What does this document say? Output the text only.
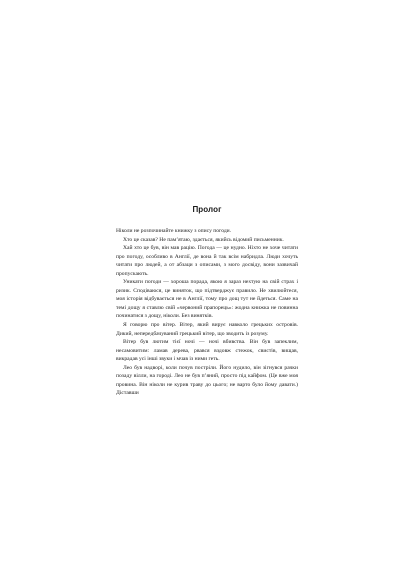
Пролог

Ніколи не розпочинайте книжку з опису погоди.

Хто це сказав? Не пам’ятаю, здається, якийсь відомий письменник.

Хай хто це був, він мав рацію. Погода — це нудно. Ніхто не хоче читати про погоду, особливо в Англії, де вона й так всім набридла. Люди хочуть читати про людей, а от абзаци з описами, з мого досвіду, вони зазвичай пропускають.

Уникати погоди — хороша порада, якою я зараз нехтую на свій страх і ризик. Сподіваюся, це виняток, що підтверджує правило. Не хвилюйтеся, моя історія відбувається не в Англії, тому про дощ тут не йдеться. Саме на темі дощу я ставлю свій «червоний прапорець»: жодна книжка не повинна починатися з дощу, ніколи. Без винятків.

Я говорю про вітер. Вітер, який вирує навколо грецьких островів. Дикий, непередбачуваний грецький вітер, що зводить із розуму.

Вітер був лютим тієї ночі — ночі вбивства. Він був запеклим, несамовитим: ламав дерева, рвався вздовж стежок, свистів, вищав, викрадав усі інші звуки і мчав із ними геть.

Лео був надворі, коли почув постріли. Його нудило, він зігнувся рачки позаду вілли, на городі. Лео не був п’яний, просто під кайфом. (Це вже моя провина. Він ніколи не курив траву до цього; не варто було йому давати.) Діставши
